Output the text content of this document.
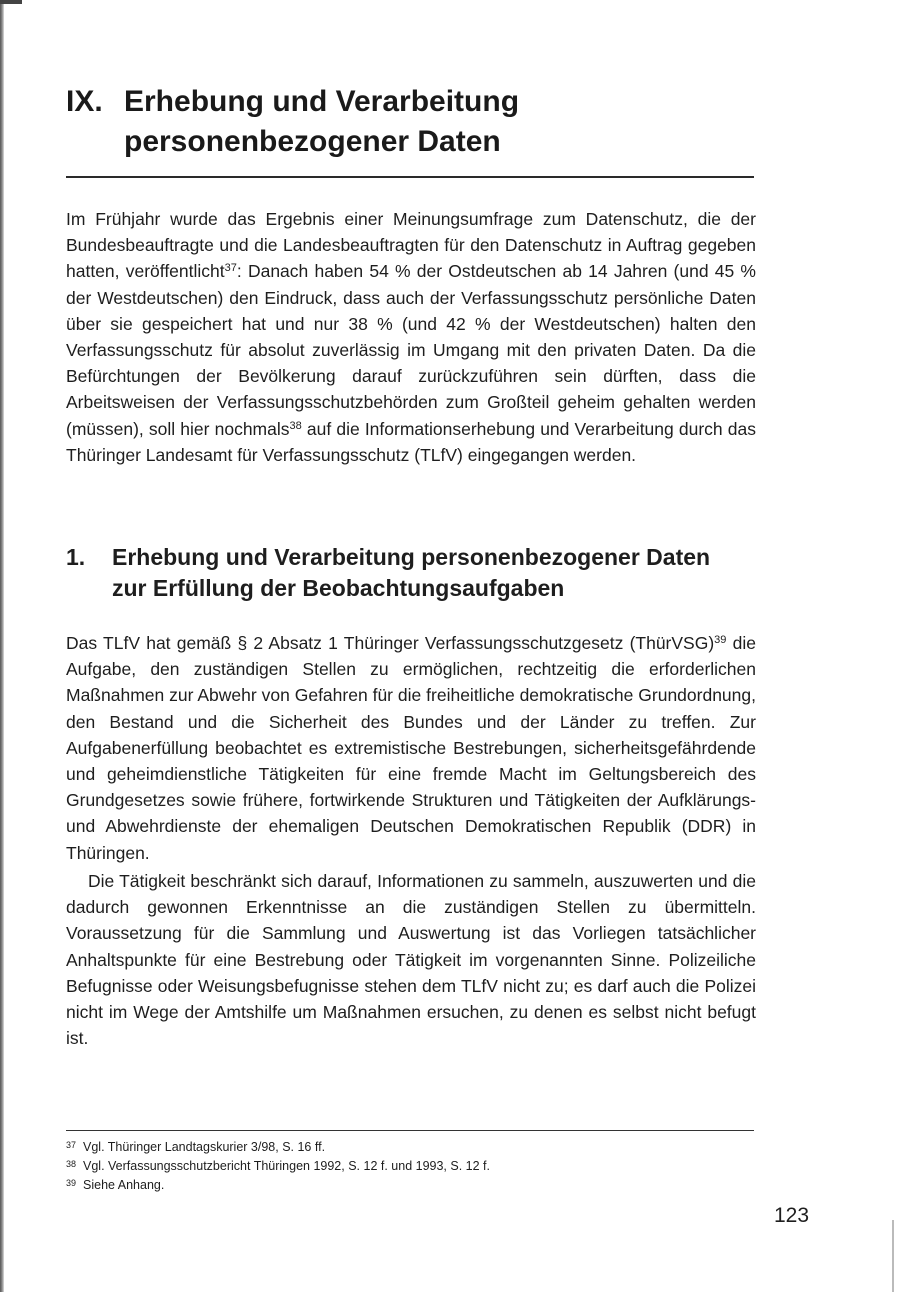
IX. Erhebung und Verarbeitung
personenbezogener Daten

Im Frühjahr wurde das Ergebnis einer Meinungsumfrage zum Datenschutz, die der Bundesbeauftragte und die Landesbeauftragten für den Datenschutz in Auftrag gegeben hatten, veröffentlicht$^{37}$: Danach haben 54 % der Ostdeutschen ab 14 Jahren (und 45 % der Westdeutschen) den Eindruck, dass auch der Verfassungsschutz persönliche Daten über sie gespeichert hat und nur 38 % (und 42 % der Westdeutschen) halten den Verfassungsschutz für absolut zuverlässig im Umgang mit den privaten Daten. Da die Befürchtungen der Bevölkerung darauf zurückzuführen sein dürften, dass die Arbeitsweisen der Verfassungsschutzbehörden zum Großteil geheim gehalten werden (müssen), soll hier nochmals$^{38}$ auf die Informationserhebung und Verarbeitung durch das Thüringer Landesamt für Verfassungsschutz (TLfV) eingegangen werden.

1. Erhebung und Verarbeitung personenbezogener Daten
zur Erfüllung der Beobachtungsaufgaben

Das TLfV hat gemäß § 2 Absatz 1 Thüringer Verfassungsschutzgesetz (ThürVSG)$^{39}$ die Aufgabe, den zuständigen Stellen zu ermöglichen, rechtzeitig die erforderlichen Maßnahmen zur Abwehr von Gefahren für die freiheitliche demokratische Grundordnung, den Bestand und die Sicherheit des Bundes und der Länder zu treffen. Zur Aufgabenerfüllung beobachtet es extremistische Bestrebungen, sicherheitsgefährdende und geheimdienstliche Tätigkeiten für eine fremde Macht im Geltungsbereich des Grundgesetzes sowie frühere, fortwirkende Strukturen und Tätigkeiten der Aufklärungs- und Abwehrdienste der ehemaligen Deutschen Demokratischen Republik (DDR) in Thüringen.

Die Tätigkeit beschränkt sich darauf, Informationen zu sammeln, auszuwerten und die dadurch gewonnen Erkenntnisse an die zuständigen Stellen zu übermitteln. Voraussetzung für die Sammlung und Auswertung ist das Vorliegen tatsächlicher Anhaltspunkte für eine Bestrebung oder Tätigkeit im vorgenannten Sinne. Polizeiliche Befugnisse oder Weisungsbefugnisse stehen dem TLfV nicht zu; es darf auch die Polizei nicht im Wege der Amtshilfe um Maßnahmen ersuchen, zu denen es selbst nicht befugt ist.

37 Vgl. Thüringer Landtagskurier 3/98, S. 16 ff.

38 Vgl. Verfassungsschutzbericht Thüringen 1992, S. 12 f. und 1993, S. 12 f.

39 Siehe Anhang.

123
